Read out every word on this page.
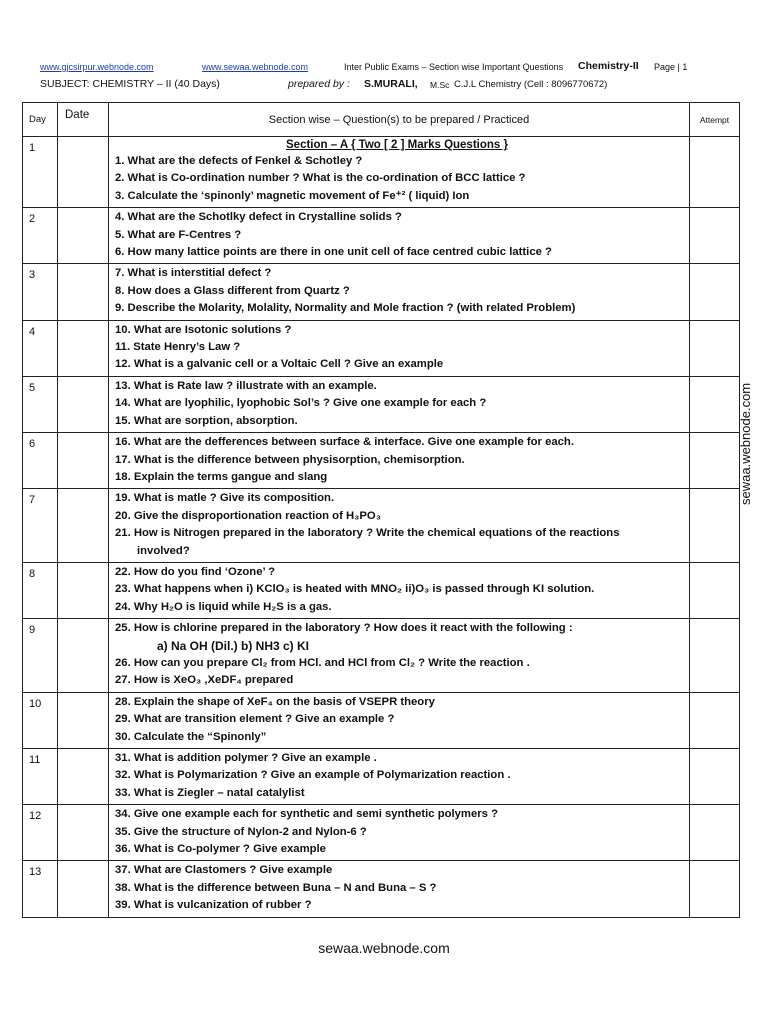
www.gjcsirpur.webnode.com	www.sewaa.webnode.com	Inter Public Exams – Section wise Important Questions Chemistry-II Page | 1
SUBJECT: CHEMISTRY – II (40 Days)	prepared by : S.MURALI, M.Sc C.J.L Chemistry (Cell : 8096770672)
Day	Date	Section wise – Question(s) to be prepared / Practiced	Attempt
1		Section – A { Two [ 2 ] Marks Questions }
1. What are the defects of Fenkel & Schotley ?
2. What is Co-ordination number ? What is the co-ordination of BCC lattice ?
3. Calculate the ‘spinonly’ magnetic movement of Fe⁺² ( liquid) Ion	

2		4. What are the Schotlky defect in Crystalline solids ?
5. What are F-Centres ?
6. How many lattice points are there in one unit cell of face centred cubic lattice ?	

3		7. What is interstitial defect ?
8. How does a Glass different from Quartz ?
9. Describe the Molarity, Molality, Normality and Mole fraction ? (with related Problem)	

4		10. What are Isotonic solutions ?
11. State Henry’s Law ?
12. What is a galvanic cell or a Voltaic Cell ? Give an example	

5		13. What is Rate law ? illustrate with an example.
14. What are lyophilic, lyophobic Sol’s ? Give one example for each ?
15. What are sorption, absorption.	

6		16. What are the defferences between surface & interface. Give one example for each.
17. What is the difference between physisorption, chemisorption.
18. Explain the terms gangue and slang	

7		19. What is matle ? Give its composition.
20. Give the disproportionation reaction of H₃PO₃
21. How is Nitrogen prepared in the laboratory ? Write the chemical equations of the reactions
involved?	

8		22. How do you find ‘Ozone’ ?
23. What happens when i) KClO₃ is heated with MNO₂ ii)O₃ is passed through KI solution.
24. Why H₂O is liquid while H₂S is a gas.	

9		25. How is chlorine prepared in the laboratory ? How does it react with the following :
a) Na OH (Dil.) b) NH3 c) KI
26. How can you prepare Cl₂ from HCl. and HCl from Cl₂ ? Write the reaction .
27. How is XeO₃ ,XeDF₄ prepared	

10		28. Explain the shape of XeF₄ on the basis of VSEPR theory
29. What are transition element ? Give an example ?
30. Calculate the “Spinonly”	

11		31. What is addition polymer ? Give an example .
32. What is Polymarization ? Give an example of Polymarization reaction .
33. What is Ziegler – natal catalylist	

12		34. Give one example each for synthetic and semi synthetic polymers ?
35. Give the structure of Nylon-2 and Nylon-6 ?
36. What is Co-polymer ? Give example	

13		37. What are Clastomers ? Give example
38. What is the difference between Buna – N and Buna – S ?
39. What is vulcanization of rubber ?	

sewaa.webnode.com
sewaa.webnode.com
